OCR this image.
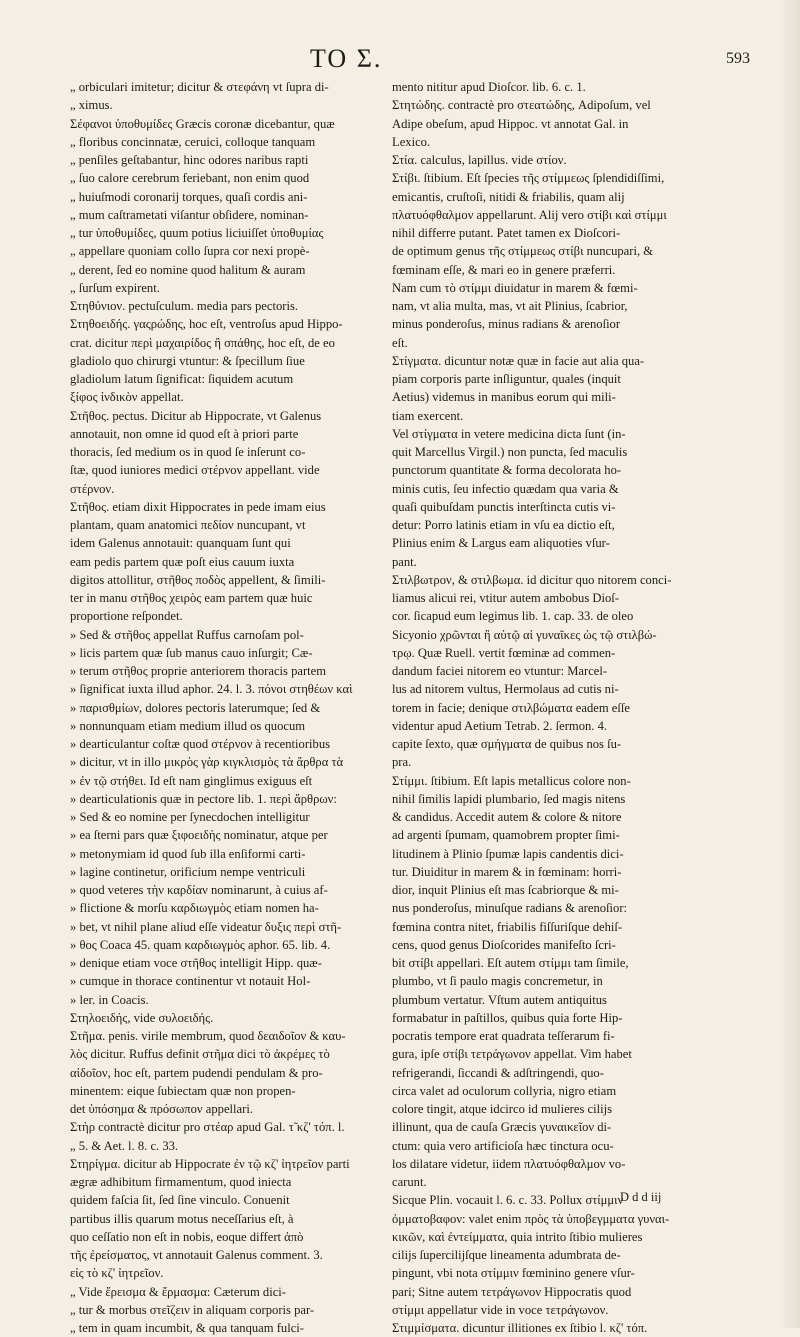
TO Σ.	593
„ orbiculari imitetur; dicitur & στεφάνη vt ſupra di-
„ ximus.
Σέφανοι ὑποθυμίδες Græcis coronæ dicebantur, quæ
„ floribus concinnatæ, ceruici, colloque tanquam
„ penſiles geſtabantur, hinc odores naribus rapti
„ ſuo calore cerebrum feriebant, non enim quod
„ huiuſmodi coronarij torques, quaſi cordis ani-
„ mum caſtrametati viſantur obſidere, nominan-
„ tur ὑποθυμίδες, quum potius liciuiſſet ὑποθυμίας
„ appellare quoniam collo ſupra cor nexi propè-
„ derent, ſed eo nomine quod halitum & auram
„ ſurſum expirent.
Στηθύνιον. pectuſculum. media pars pectoris.
Στηθοειδής. γαςρώδης, hoc eſt, ventroſus apud Hippo-
crat. dicitur περὶ μαχαιρίδος ἢ σπάθης, hoc eſt, de eo
gladiolo quo chirurgi vtuntur: & ſpecillum ſiue
gladiolum latum ſignificat: ſiquidem acutum
ξίφος ἰνδικὸν appellat.
Στῆθος. pectus. Dicitur ab Hippocrate, vt Galenus
annotauit, non omne id quod eſt à priori parte
thoracis, ſed medium os in quod ſe inſerunt co-
ſtæ, quod iuniores medici στέρνον appellant. vide
στέρνον.
Στῆθος. etiam dixit Hippocrates in pede imam eius
plantam, quam anatomici πεδίον nuncupant, vt
idem Galenus annotauit: quanquam ſunt qui
eam pedis partem quæ poſt eius cauum iuxta
digitos attollitur, στῆθος ποδὸς appellent, & ſimili-
ter in manu στῆθος χειρὸς eam partem quæ huic
proportione reſpondet.
» Sed & στῆθος appellat Ruffus carnoſam pol-
» licis partem quæ ſub manus cauo inſurgit; Cæ-
» terum στῆθος proprie anteriorem thoracis partem
» ſignificat iuxta illud aphor. 24. l. 3. πόνοι στηθέων καὶ
» παρισθμίων, dolores pectoris laterumque; ſed &
» nonnunquam etiam medium illud os quocum
» dearticulantur coſtæ quod στέρνον à recentioribus
» dicitur, vt in illo μικρὸς γὰρ κιγκλισμὸς τὰ ἄρθρα τὰ
» ἐν τῷ στήθει. Id eſt nam ginglimus exiguus eſt
» dearticulationis quæ in pectore lib. 1. περὶ ἄρθρων:
» Sed & eo nomine per ſynecdochen intelligitur
» ea ſterni pars quæ ξιφοειδὴς nominatur, atque per
» metonymiam id quod ſub illa enſiformi carti-
» lagine continetur, orificium nempe ventriculi
» quod veteres τὴν καρδίαν nominarunt, à cuius af-
» flictione & morſu καρδιωγμὸς etiam nomen ha-
» bet, vt nihil plane aliud eſſe videatur δυξις περὶ στῆ-
» θος Coaca 45. quam καρδιωγμὸς aphor. 65. lib. 4.
» denique etiam voce στῆθος intelligit Hipp. quæ-
» cumque in thorace continentur vt notauit Hol-
» ler. in Coacis.
Στηλοειδής, vide συλοειδής.
Στῆμα. penis. virile membrum, quod δεαιδοῖον & καυ-
λὸς dicitur. Ruffus definit στῆμα dici τὸ ἀκρέμες τὸ
αἰδοῖον, hoc eſt, partem pudendi pendulam & pro-
minentem: eique ſubiectam quæ non propen-
det ὑπόσημα & πρόσωπον appellari.
Στὴρ contractè dicitur pro στέαρ apud Gal. τ̃ κζ' τόπ. l.
„ 5. & Aet. l. 8. c. 33.
Στηρίγμα. dicitur ab Hippocrate ἐν τῷ κζ' ἰητρεῖον parti
ægræ adhibitum firmamentum, quod iniecta
quidem faſcia ſit, ſed ſine vinculo. Conuenit
partibus illis quarum motus neceſſarius eſt, à
quo ceſſatio non eſt in nobis, eoque differt ἀπὸ
τῆς ἐρείσματος, vt annotauit Galenus comment. 3.
εἰς τὸ κζ' ἰητρεῖον.
„ Vide ἔρεισμα & ἔρμασμα: Cæterum dici-
„ tur & morbus στεῖζειν in aliquam corporis par-
„ tem in quam incumbit, & qua tanquam fulci-
mento nititur apud Dioſcor. lib. 6. c. 1.
Στητώδης. contractè pro στεατώδης, Adipoſum, vel
Adipe obeſum, apud Hippoc. vt annotat Gal. in
Lexico.
Στία. calculus, lapillus. vide στίον.
Στίβι. ſtibium. Eſt ſpecies τῆς στίμμεως ſplendidiſſimi,
emicantis, cruſtoſi, nitidi & friabilis, quam alij
πλατυόφθαλμον appellarunt. Alij vero στίβι καὶ στίμμι
nihil differre putant. Patet tamen ex Dioſcori-
de optimum genus τῆς στίμμεως στίβι nuncupari, &
fœminam eſſe, & mari eo in genere præferri.
Nam cum τὸ στίμμι diuidatur in marem & fœmi-
nam, vt alia multa, mas, vt ait Plinius, ſcabrior,
minus ponderoſus, minus radians & arenoſior
eſt.
Στίγματα. dicuntur notæ quæ in facie aut alia qua-
piam corporis parte inſliguntur, quales (inquit
Aetius) videmus in manibus eorum qui mili-
tiam exercent.
Vel στίγματα in vetere medicina dicta ſunt (in-
quit Marcellus Virgil.) non puncta, ſed maculis
punctorum quantitate & forma decolorata ho-
minis cutis, ſeu infectio quædam qua varia &
quaſi quibuſdam punctis interſtincta cutis vi-
detur: Porro latinis etiam in vſu ea dictio eſt,
Plinius enim & Largus eam aliquoties vſur-
pant.
Στιλβωτρον, & στιλβωμα. id dicitur quo nitorem conci-
liamus alicui rei, vtitur autem ambobus Dioſ-
cor. ſicapud eum legimus lib. 1. cap. 33. de oleo
Sicyonio χρῶνται ἢ αὐτῷ αἱ γυναῖκες ὡς τῷ στιλβώ-
τρῳ. Quæ Ruell. vertit fœminæ ad commen-
dandum faciei nitorem eo vtuntur: Marcel-
lus ad nitorem vultus, Hermolaus ad cutis ni-
torem in facie; denique στιλβώματα eadem eſſe
videntur apud Aetium Tetrab. 2. ſermon. 4.
capite ſexto, quæ σμήγματα de quibus nos ſu-
pra.
Στίμμι. ſtibium. Eſt lapis metallicus colore non-
nihil ſimilis lapidi plumbario, ſed magis nitens
& candidus. Accedit autem & colore & nitore
ad argenti ſpumam, quamobrem propter ſimi-
litudinem à Plinio ſpumæ lapis candentis dici-
tur. Diuiditur in marem & in fœminam: horri-
dior, inquit Plinius eſt mas ſcabriorque & mi-
nus ponderoſus, minuſque radians & arenoſior:
fœmina contra nitet, friabilis fiſſuriſque dehiſ-
cens, quod genus Dioſcorides manifeſto ſcri-
bit στίβι appellari. Eſt autem στίμμι tam ſimile,
plumbo, vt ſi paulo magis concremetur, in
plumbum vertatur. Vſtum autem antiquitus
formabatur in paſtillos, quibus quia forte Hip-
pocratis tempore erat quadrata teſſerarum fi-
gura, ipſe στίβι τετράγωνον appellat. Vim habet
refrigerandi, ſiccandi & adſtringendi, quo-
circa valet ad oculorum collyria, nigro etiam
colore tingit, atque idcirco id mulieres cilijs
illinunt, qua de cauſa Græcis γυναικεῖον di-
ctum: quia vero artificioſa hæc tinctura ocu-
los dilatare videtur, iidem πλατυόφθαλμον vo-
carunt.
Sicque Plin. vocauit l. 6. c. 33. Pollux στίμμιν
ὀμματοβαφον: valet enim πρὸς τὰ ὑποβεγμματα γυναι-
κικῶν, καὶ ἐντείμματα, quia intrito ſtibio mulieres
cilijs ſupercilijſque lineamenta adumbrata de-
pingunt, vbi nota στίμμιν fœminino genere vſur-
pari; Sitne autem τετράγωνον Hippocratis quod
στίμμι appellatur vide in voce τετράγωνον.
Στιμμίσματα. dicuntur illitiones ex ſtibio l. κζ' τόπ.
D d d iij
